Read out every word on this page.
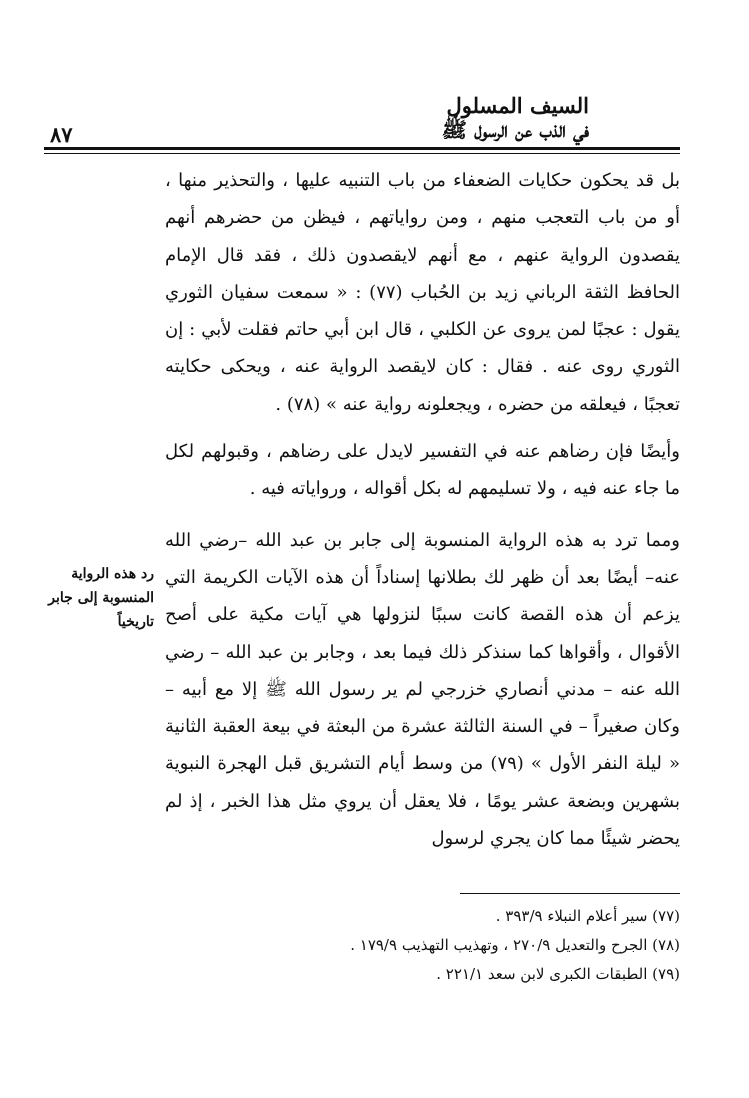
السيف المسلول

في الذب عن الرسول ﷺ
٨٧

بل قد يحكون حكايات الضعفاء من باب التنبيه عليها ، والتحذير منها ، أو من باب التعجب منهم ، ومن رواياتهم ، فيظن من حضرهم أنهم يقصدون الرواية عنهم ، مع أنهم لايقصدون ذلك ، فقد قال الإمام الحافظ الثقة الرباني زيد بن الحُباب (٧٧) : « سمعت سفيان الثوري يقول : عجبًا لمن يروى عن الكلبي ، قال ابن أبي حاتم فقلت لأبي : إن الثوري روى عنه . فقال : كان لايقصد الرواية عنه ، ويحكى حكايته تعجبًا ، فيعلقه من حضره ، ويجعلونه رواية عنه » (٧٨) .

وأيضًا فإن رضاهم عنه في التفسير لايدل على رضاهم ، وقبولهم لكل ما جاء عنه فيه ، ولا تسليمهم له بكل أقواله ، ورواياته فيه .

ومما ترد به هذه الرواية المنسوبة إلى جابر بن عبد الله –رضي الله عنه– أيضًا بعد أن ظهر لك بطلانها إسناداً أن هذه الآيات الكريمة التي يزعم أن هذه القصة كانت سببًا لنزولها هي آيات مكية على أصح الأقوال ، وأقواها كما سنذكر ذلك فيما بعد ، وجابر بن عبد الله – رضي الله عنه – مدني أنصاري خزرجي لم ير رسول الله ﷺ إلا مع أبيه – وكان صغيراً – في السنة الثالثة عشرة من البعثة في بيعة العقبة الثانية « ليلة النفر الأول » (٧٩) من وسط أيام التشريق قبل الهجرة النبوية بشهرين وبضعة عشر يومًا ، فلا يعقل أن يروي مثل هذا الخبر ، إذ لم يحضر شيئًا مما كان يجري لرسول

رد هذه الرواية المنسوبة إلى جابر تاريخياً
(٧٧) سير أعلام النبلاء ٣٩٣/٩ .
(٧٨) الجرح والتعديل ٢٧٠/٩ ، وتهذيب التهذيب ١٧٩/٩ .
(٧٩) الطبقات الكبرى لابن سعد ٢٢١/١ .
